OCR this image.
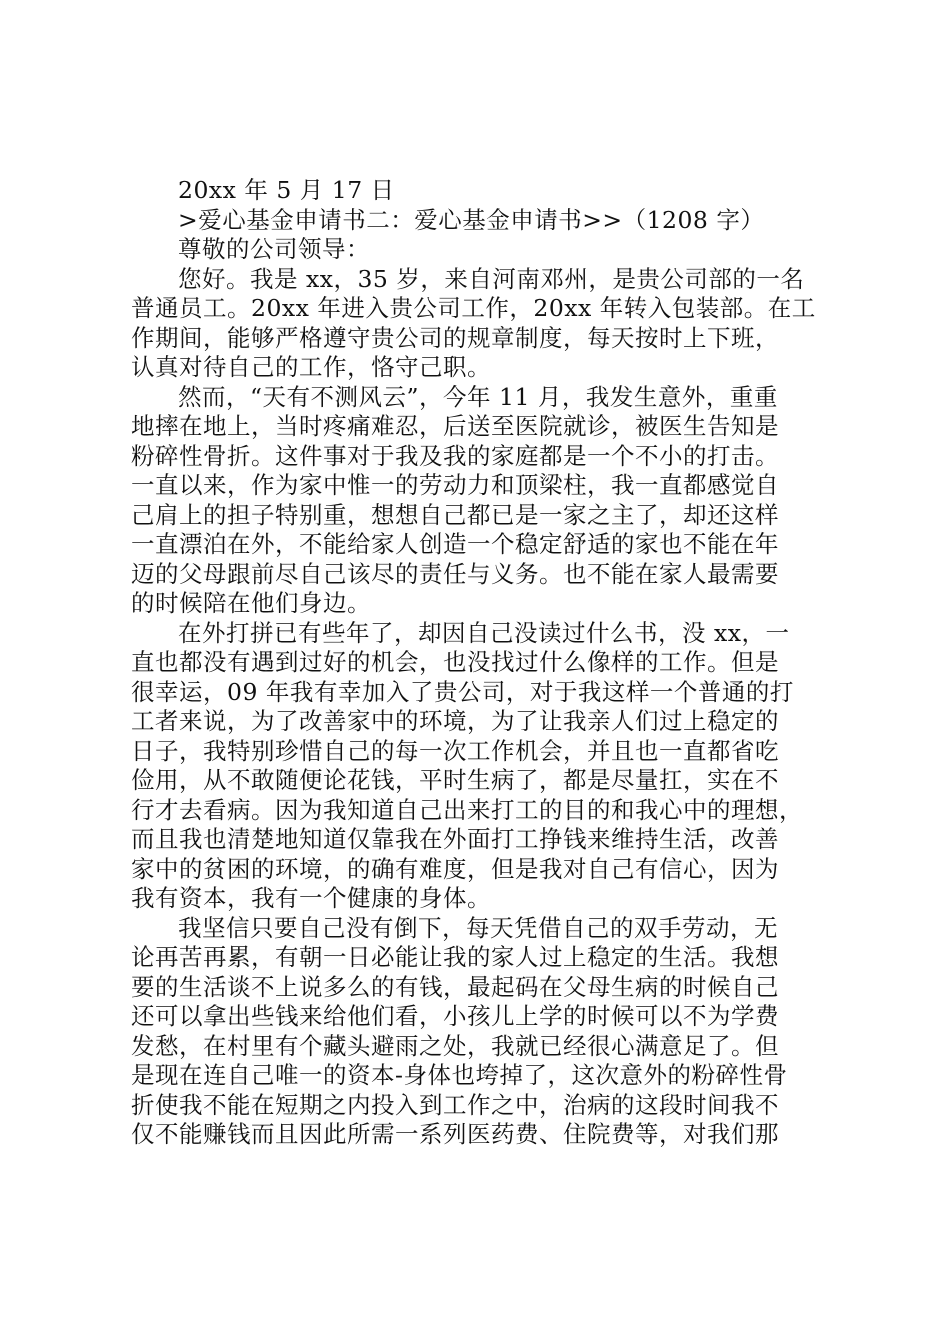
20xx 年 5 月 17 日

>爱心基金申请书二：爱心基金申请书>>（1208 字）

尊敬的公司领导：

您好。我是 xx，35 岁，来自河南邓州，是贵公司部的一名

普通员工。20xx 年进入贵公司工作，20xx 年转入包装部。在工

作期间，能够严格遵守贵公司的规章制度，每天按时上下班，

认真对待自己的工作，恪守己职。

然而，“天有不测风云”，今年 11 月，我发生意外，重重

地摔在地上，当时疼痛难忍，后送至医院就诊，被医生告知是

粉碎性骨折。这件事对于我及我的家庭都是一个不小的打击。

一直以来，作为家中惟一的劳动力和顶梁柱，我一直都感觉自

己肩上的担子特别重，想想自己都已是一家之主了，却还这样

一直漂泊在外，不能给家人创造一个稳定舒适的家也不能在年

迈的父母跟前尽自己该尽的责任与义务。也不能在家人最需要

的时候陪在他们身边。

在外打拼已有些年了，却因自己没读过什么书，没 xx，一

直也都没有遇到过好的机会，也没找过什么像样的工作。但是

很幸运，09 年我有幸加入了贵公司，对于我这样一个普通的打

工者来说，为了改善家中的环境，为了让我亲人们过上稳定的

日子，我特别珍惜自己的每一次工作机会，并且也一直都省吃

俭用，从不敢随便论花钱，平时生病了，都是尽量扛，实在不

行才去看病。因为我知道自己出来打工的目的和我心中的理想，

而且我也清楚地知道仅靠我在外面打工挣钱来维持生活，改善

家中的贫困的环境，的确有难度，但是我对自己有信心，因为

我有资本，我有一个健康的身体。

我坚信只要自己没有倒下，每天凭借自己的双手劳动，无

论再苦再累，有朝一日必能让我的家人过上稳定的生活。我想

要的生活谈不上说多么的有钱，最起码在父母生病的时候自己

还可以拿出些钱来给他们看，小孩儿上学的时候可以不为学费

发愁，在村里有个藏头避雨之处，我就已经很心满意足了。但

是现在连自己唯一的资本-身体也垮掉了，这次意外的粉碎性骨

折使我不能在短期之内投入到工作之中，治病的这段时间我不

仅不能赚钱而且因此所需一系列医药费、住院费等，对我们那
